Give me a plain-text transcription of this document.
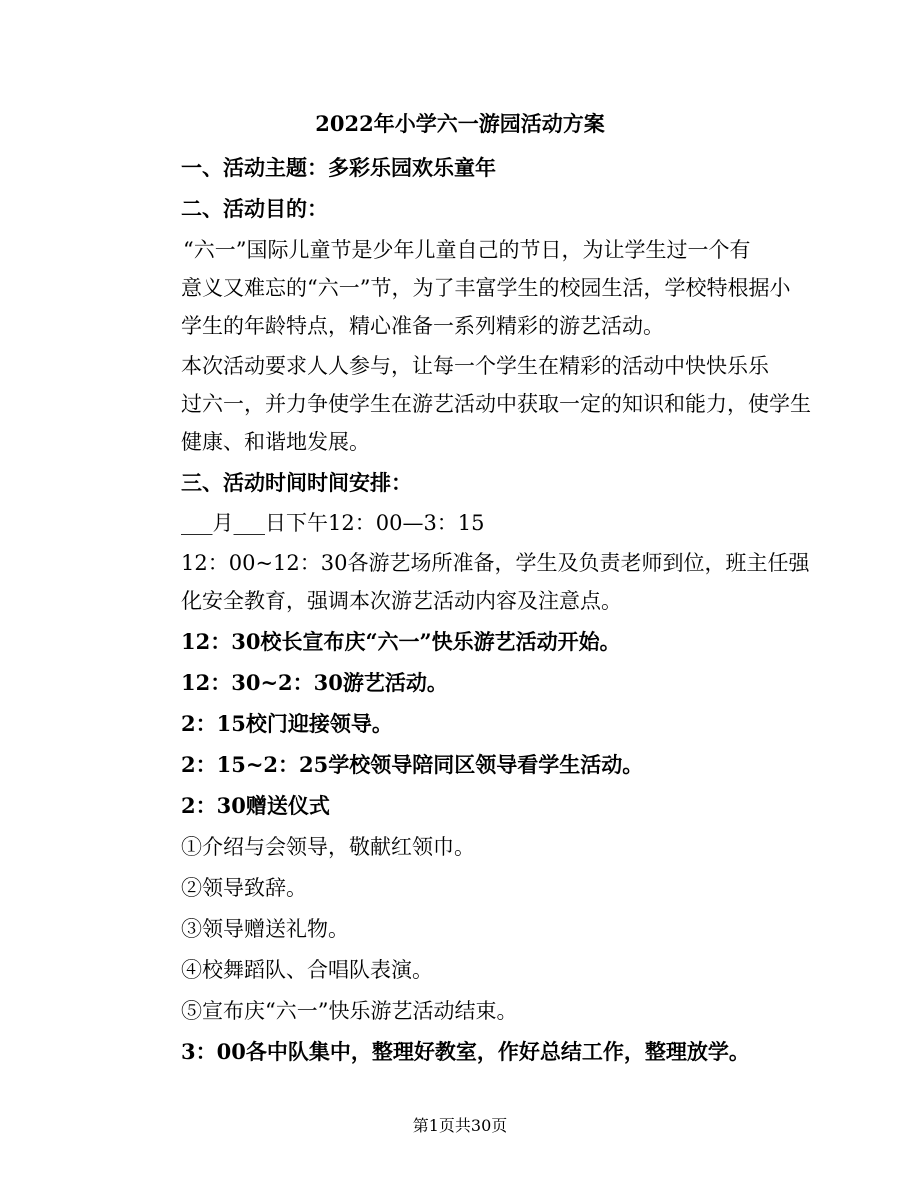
2022年小学六一游园活动方案
一、活动主题：多彩乐园欢乐童年
二、活动目的：
“六一”国际儿童节是少年儿童自己的节日，为让学生过一个有
意义又难忘的“六一”节，为了丰富学生的校园生活，学校特根据小
学生的年龄特点，精心准备一系列精彩的游艺活动。
本次活动要求人人参与，让每一个学生在精彩的活动中快快乐乐
过六一，并力争使学生在游艺活动中获取一定的知识和能力，使学生
健康、和谐地发展。
三、活动时间时间安排：
___月___日下午12：00—3：15
12：00~12：30各游艺场所准备，学生及负责老师到位，班主任强
化安全教育，强调本次游艺活动内容及注意点。
12：30校长宣布庆“六一”快乐游艺活动开始。
12：30~2：30游艺活动。
2：15校门迎接领导。
2：15~2：25学校领导陪同区领导看学生活动。
2：30赠送仪式
①介绍与会领导，敬献红领巾。
②领导致辞。
③领导赠送礼物。
④校舞蹈队、合唱队表演。
⑤宣布庆“六一”快乐游艺活动结束。
3：00各中队集中，整理好教室，作好总结工作，整理放学。
第1页共30页
